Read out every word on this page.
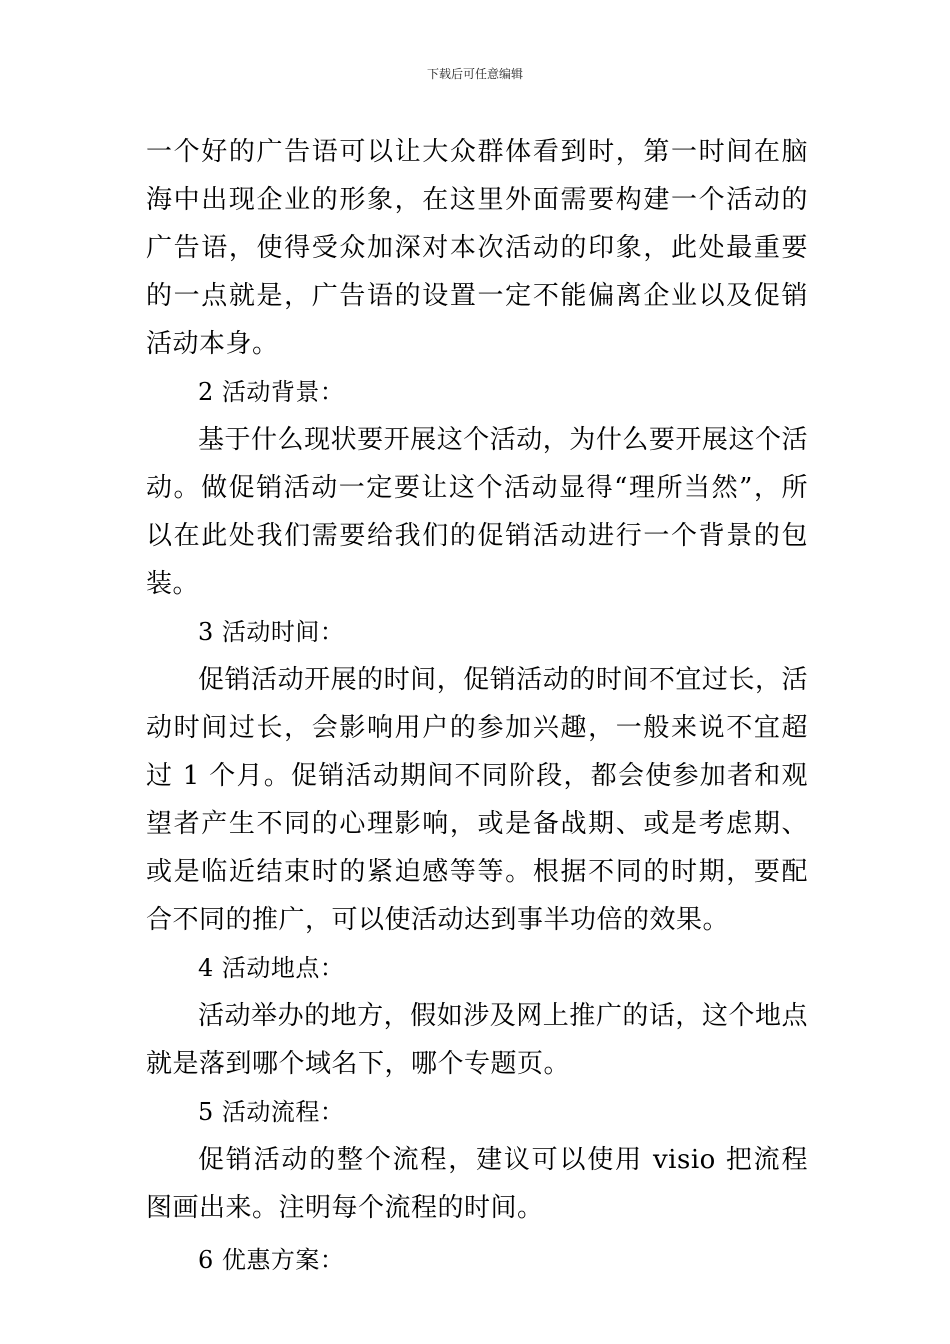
下载后可任意编辑

一个好的广告语可以让大众群体看到时，第一时间在脑海中出现企业的形象，在这里外面需要构建一个活动的广告语，使得受众加深对本次活动的印象，此处最重要的一点就是，广告语的设置一定不能偏离企业以及促销活动本身。

2 活动背景：

基于什么现状要开展这个活动，为什么要开展这个活动。做促销活动一定要让这个活动显得“理所当然”，所以在此处我们需要给我们的促销活动进行一个背景的包装。

3 活动时间：

促销活动开展的时间，促销活动的时间不宜过长，活动时间过长，会影响用户的参加兴趣，一般来说不宜超过 1 个月。促销活动期间不同阶段，都会使参加者和观望者产生不同的心理影响，或是备战期、或是考虑期、或是临近结束时的紧迫感等等。根据不同的时期，要配合不同的推广，可以使活动达到事半功倍的效果。

4 活动地点：

活动举办的地方，假如涉及网上推广的话，这个地点就是落到哪个域名下，哪个专题页。

5 活动流程：

促销活动的整个流程，建议可以使用 visio 把流程图画出来。注明每个流程的时间。

6 优惠方案：
